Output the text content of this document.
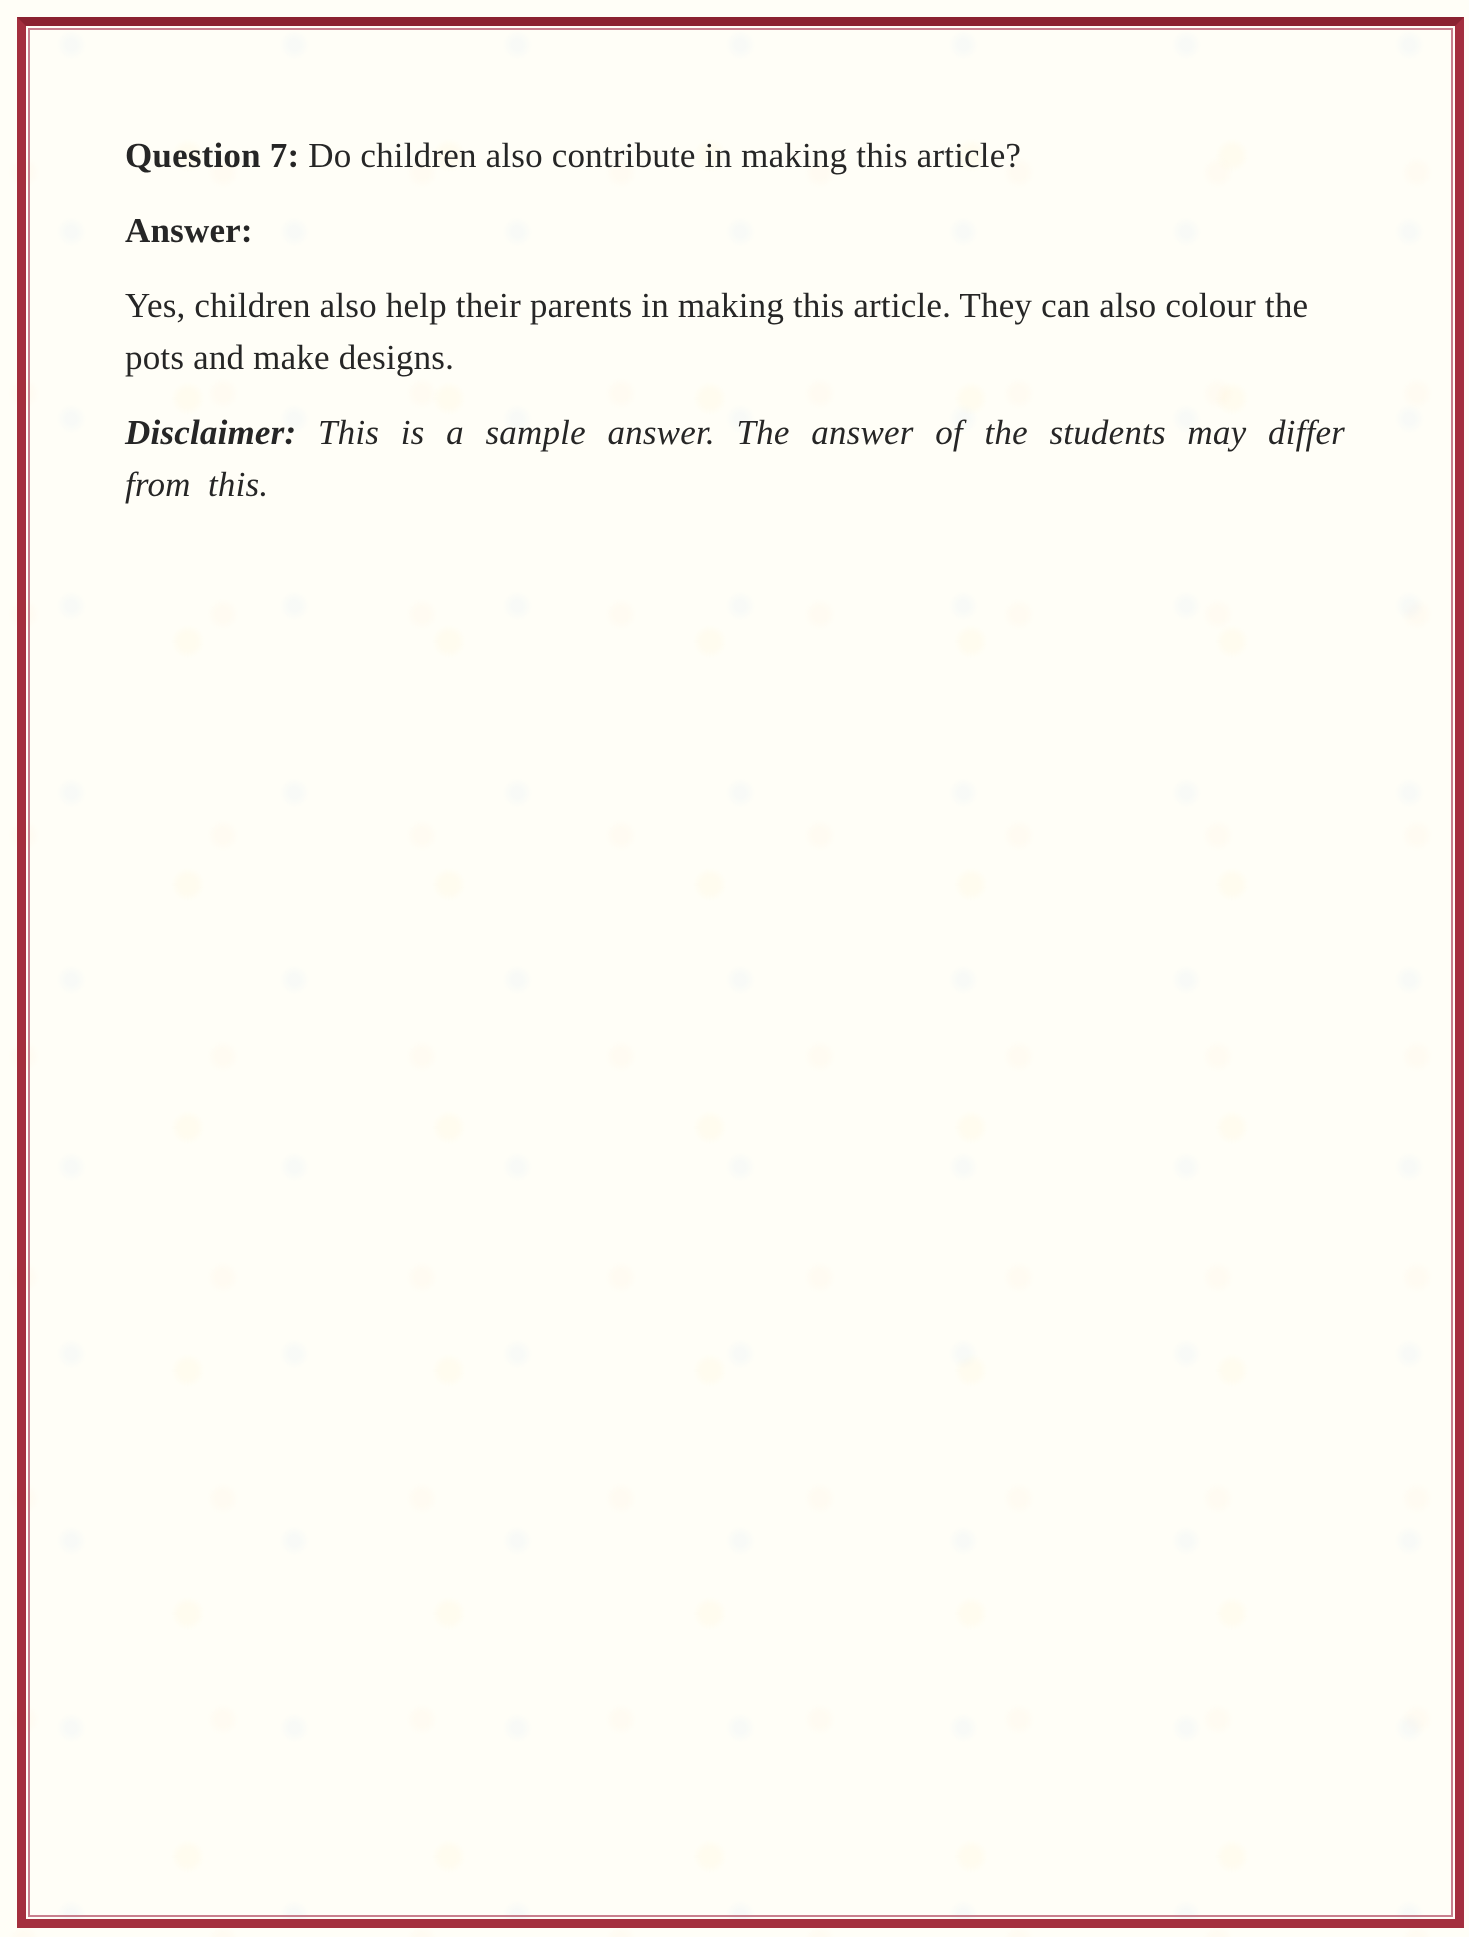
Question 7: Do children also contribute in making this article?

Answer:

Yes, children also help their parents in making this article. They can also colour the pots and make designs.

Disclaimer: This is a sample answer. The answer of the students may differ from this.
